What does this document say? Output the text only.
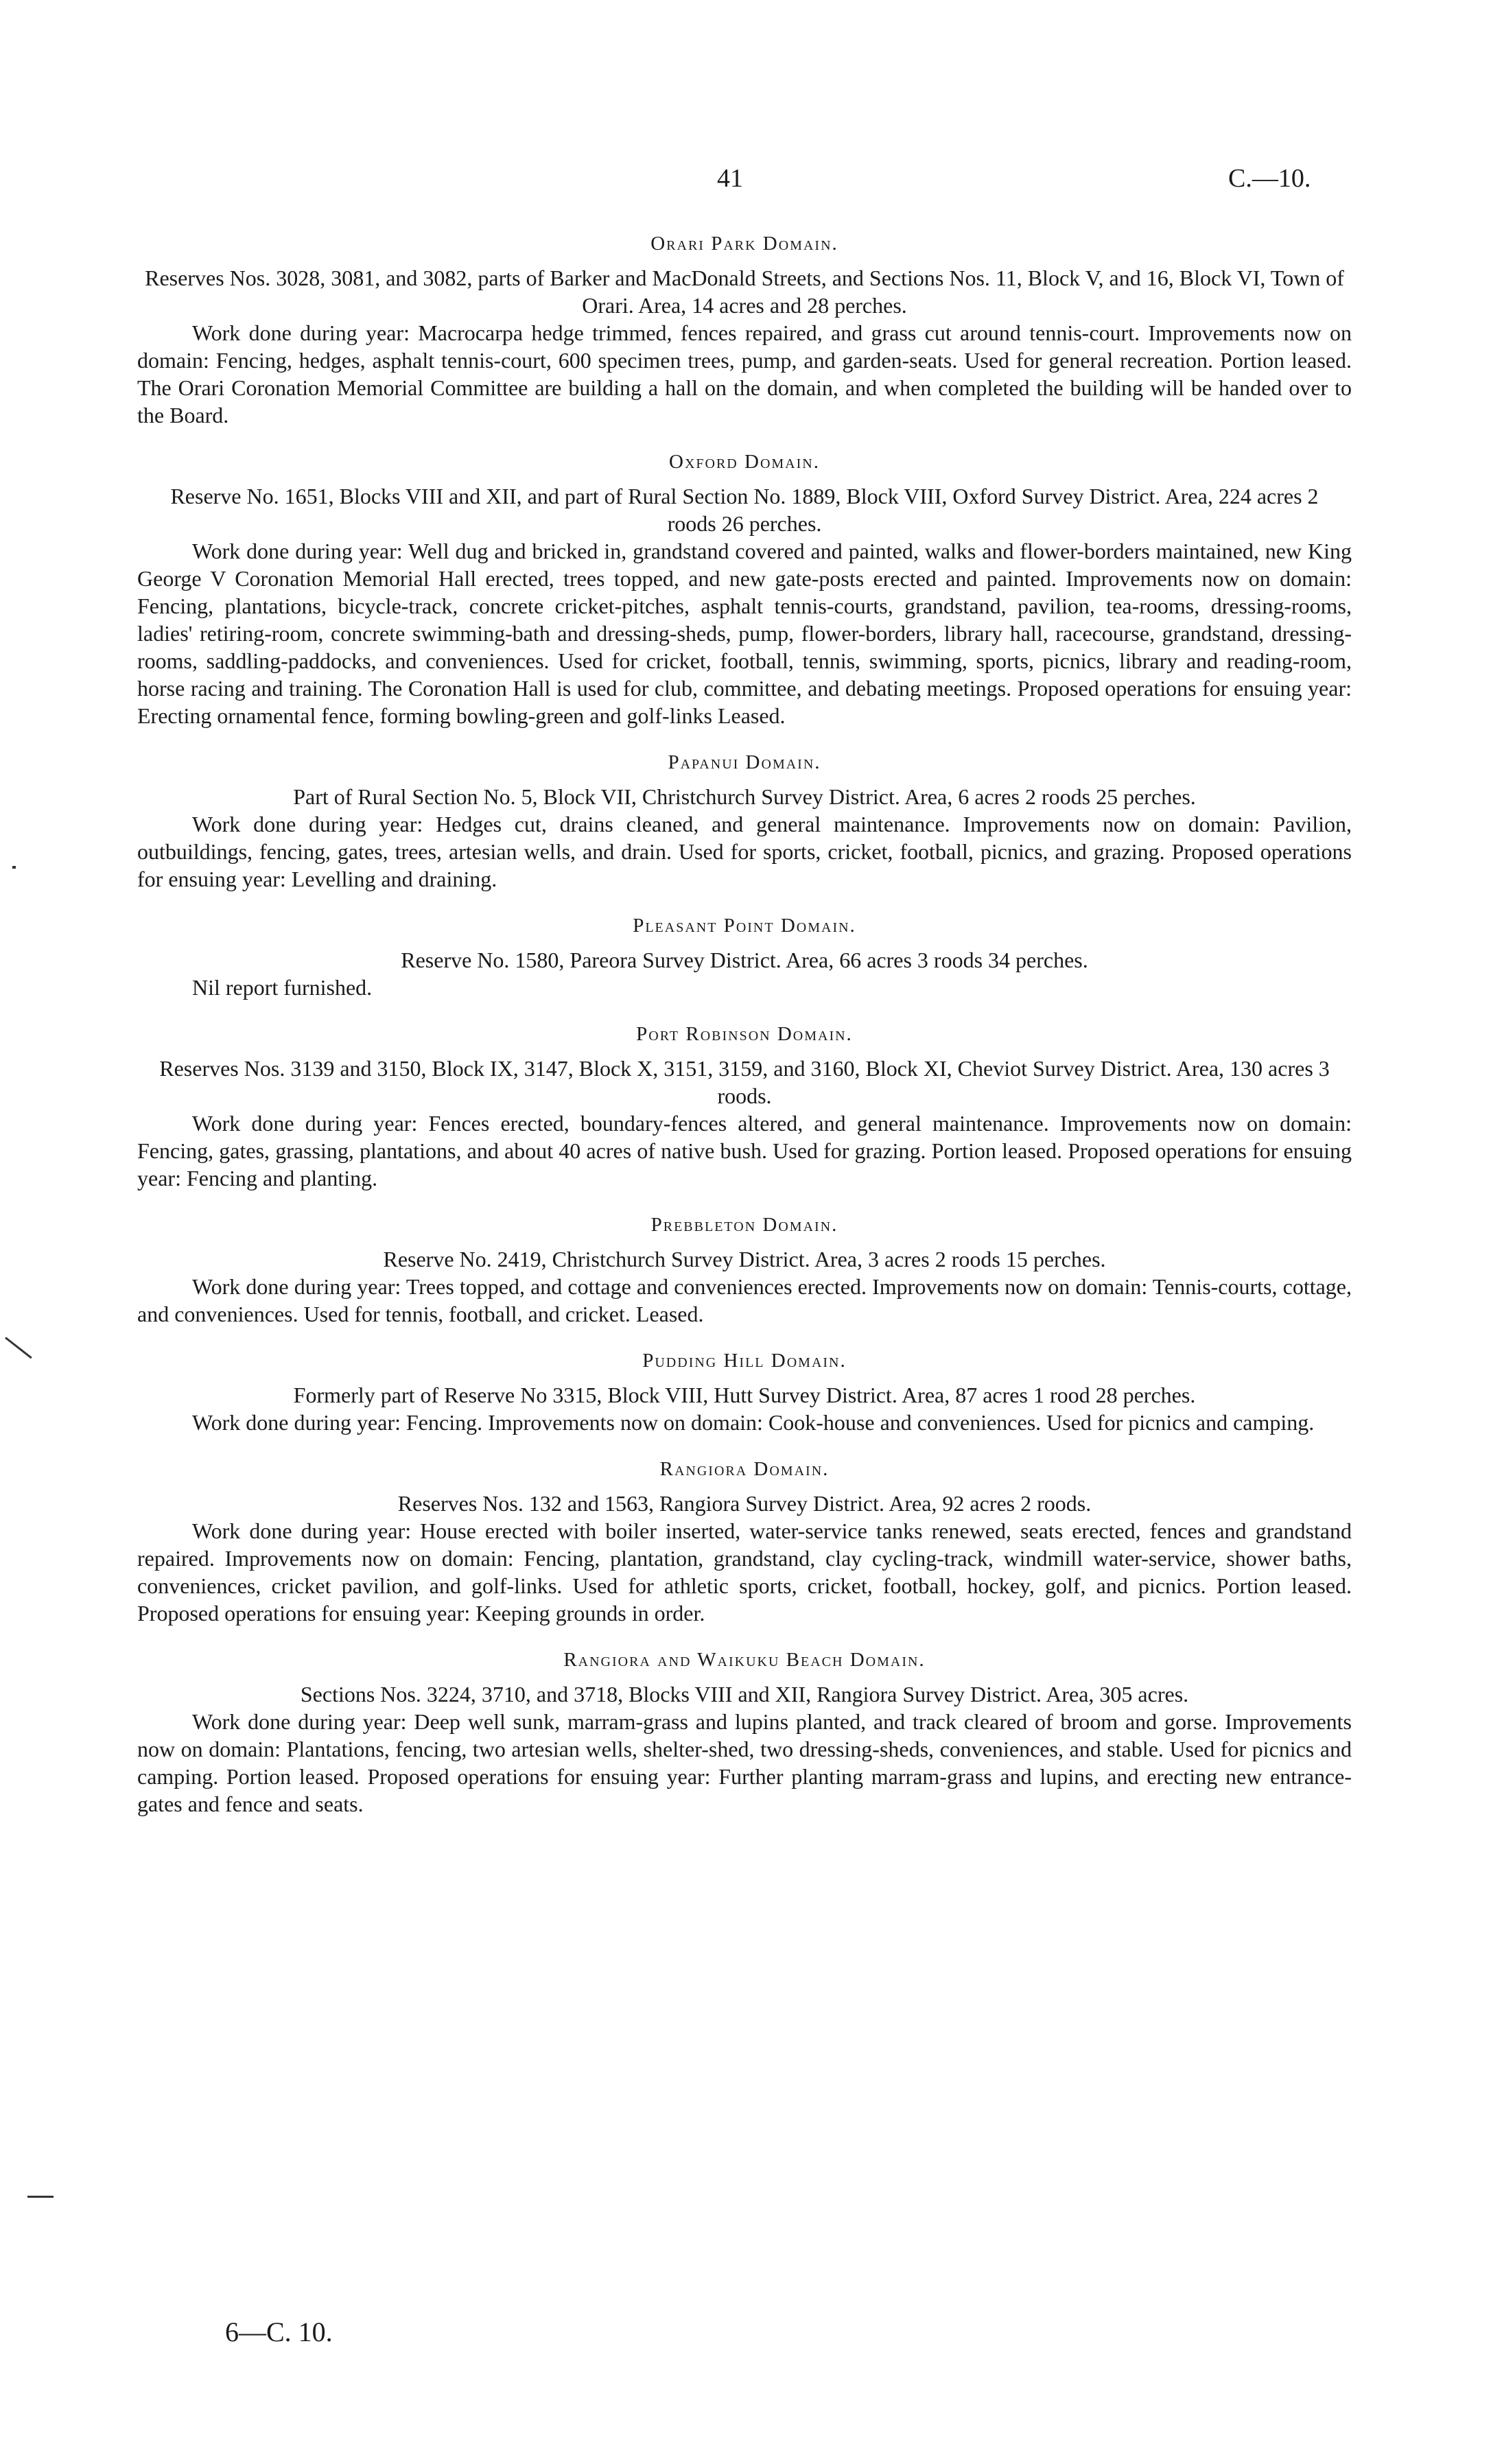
41	C.—10.
Orari Park Domain.
Reserves Nos. 3028, 3081, and 3082, parts of Barker and MacDonald Streets, and Sections Nos. 11, Block V, and 16, Block VI, Town of Orari. Area, 14 acres and 28 perches.
Work done during year: Macrocarpa hedge trimmed, fences repaired, and grass cut around tennis-court. Improvements now on domain: Fencing, hedges, asphalt tennis-court, 600 specimen trees, pump, and garden-seats. Used for general recreation. Portion leased. The Orari Coronation Memorial Committee are building a hall on the domain, and when completed the building will be handed over to the Board.
Oxford Domain.
Reserve No. 1651, Blocks VIII and XII, and part of Rural Section No. 1889, Block VIII, Oxford Survey District. Area, 224 acres 2 roods 26 perches.
Work done during year: Well dug and bricked in, grandstand covered and painted, walks and flower-borders maintained, new King George V Coronation Memorial Hall erected, trees topped, and new gate-posts erected and painted. Improvements now on domain: Fencing, plantations, bicycle-track, concrete cricket-pitches, asphalt tennis-courts, grandstand, pavilion, tea-rooms, dressing-rooms, ladies' retiring-room, concrete swimming-bath and dressing-sheds, pump, flower-borders, library hall, racecourse, grandstand, dressing-rooms, saddling-paddocks, and conveniences. Used for cricket, football, tennis, swimming, sports, picnics, library and reading-room, horse racing and training. The Coronation Hall is used for club, committee, and debating meetings. Proposed operations for ensuing year: Erecting ornamental fence, forming bowling-green and golf-links Leased.
Papanui Domain.
Part of Rural Section No. 5, Block VII, Christchurch Survey District. Area, 6 acres 2 roods 25 perches.
Work done during year: Hedges cut, drains cleaned, and general maintenance. Improvements now on domain: Pavilion, outbuildings, fencing, gates, trees, artesian wells, and drain. Used for sports, cricket, football, picnics, and grazing. Proposed operations for ensuing year: Levelling and draining.
Pleasant Point Domain.
Reserve No. 1580, Pareora Survey District. Area, 66 acres 3 roods 34 perches.
Nil report furnished.
Port Robinson Domain.
Reserves Nos. 3139 and 3150, Block IX, 3147, Block X, 3151, 3159, and 3160, Block XI, Cheviot Survey District. Area, 130 acres 3 roods.
Work done during year: Fences erected, boundary-fences altered, and general maintenance. Improvements now on domain: Fencing, gates, grassing, plantations, and about 40 acres of native bush. Used for grazing. Portion leased. Proposed operations for ensuing year: Fencing and planting.
Prebbleton Domain.
Reserve No. 2419, Christchurch Survey District. Area, 3 acres 2 roods 15 perches.
Work done during year: Trees topped, and cottage and conveniences erected. Improvements now on domain: Tennis-courts, cottage, and conveniences. Used for tennis, football, and cricket. Leased.
Pudding Hill Domain.
Formerly part of Reserve No 3315, Block VIII, Hutt Survey District. Area, 87 acres 1 rood 28 perches.
Work done during year: Fencing. Improvements now on domain: Cook-house and conveniences. Used for picnics and camping.
Rangiora Domain.
Reserves Nos. 132 and 1563, Rangiora Survey District. Area, 92 acres 2 roods.
Work done during year: House erected with boiler inserted, water-service tanks renewed, seats erected, fences and grandstand repaired. Improvements now on domain: Fencing, plantation, grandstand, clay cycling-track, windmill water-service, shower baths, conveniences, cricket pavilion, and golf-links. Used for athletic sports, cricket, football, hockey, golf, and picnics. Portion leased. Proposed operations for ensuing year: Keeping grounds in order.
Rangiora and Waikuku Beach Domain.
Sections Nos. 3224, 3710, and 3718, Blocks VIII and XII, Rangiora Survey District. Area, 305 acres.
Work done during year: Deep well sunk, marram-grass and lupins planted, and track cleared of broom and gorse. Improvements now on domain: Plantations, fencing, two artesian wells, shelter-shed, two dressing-sheds, conveniences, and stable. Used for picnics and camping. Portion leased. Proposed operations for ensuing year: Further planting marram-grass and lupins, and erecting new entrance-gates and fence and seats.
6—C. 10.
